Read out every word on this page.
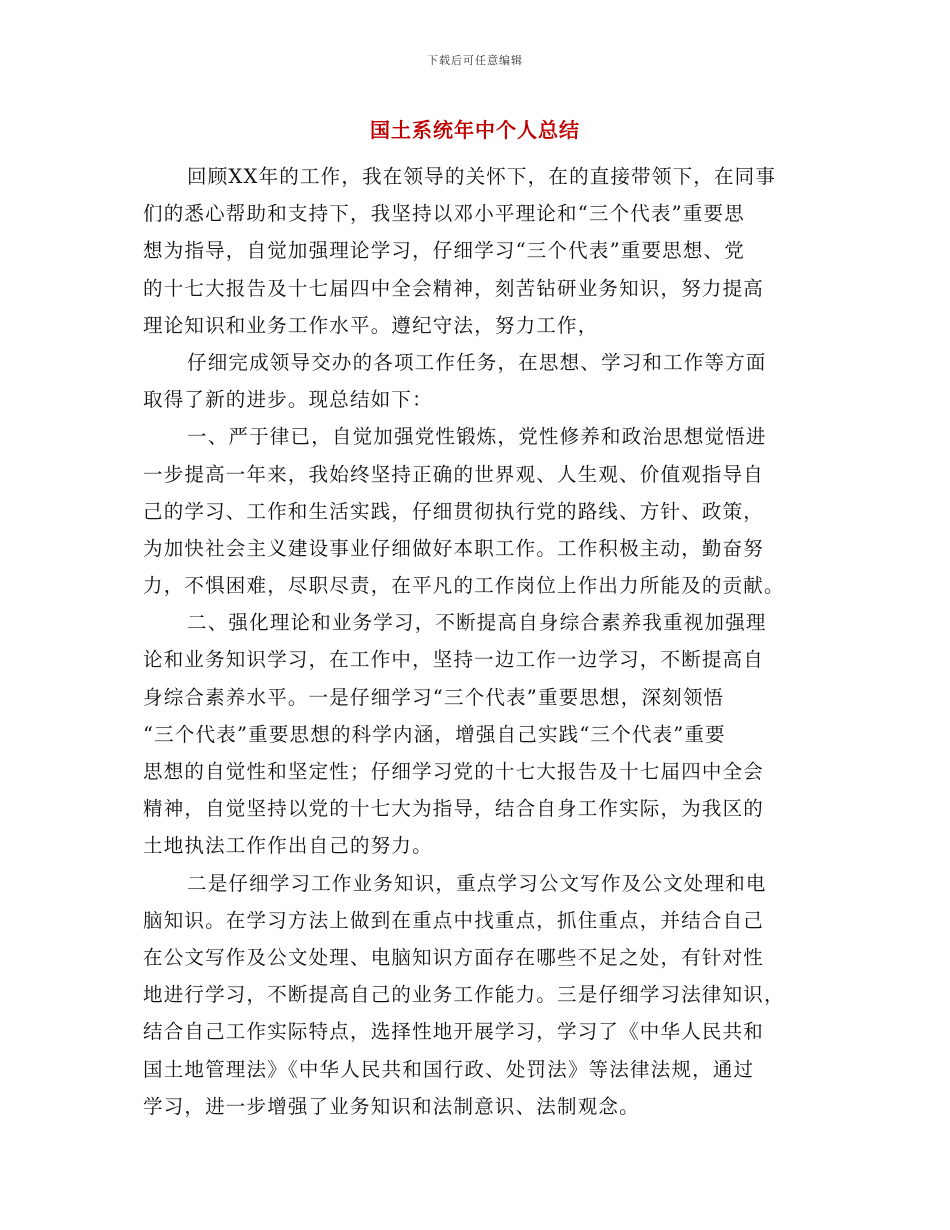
下载后可任意编辑
国土系统年中个人总结
回顾XX年的工作，我在领导的关怀下，在的直接带领下，在同事
们的悉心帮助和支持下，我坚持以邓小平理论和“三个代表”重要思
想为指导，自觉加强理论学习，仔细学习“三个代表”重要思想、党
的十七大报告及十七届四中全会精神，刻苦钻研业务知识，努力提高
理论知识和业务工作水平。遵纪守法，努力工作，
仔细完成领导交办的各项工作任务，在思想、学习和工作等方面
取得了新的进步。现总结如下：
一、严于律已，自觉加强党性锻炼，党性修养和政治思想觉悟进
一步提高一年来，我始终坚持正确的世界观、人生观、价值观指导自
己的学习、工作和生活实践，仔细贯彻执行党的路线、方针、政策，
为加快社会主义建设事业仔细做好本职工作。工作积极主动，勤奋努
力，不惧困难，尽职尽责，在平凡的工作岗位上作出力所能及的贡献。
二、强化理论和业务学习，不断提高自身综合素养我重视加强理
论和业务知识学习，在工作中，坚持一边工作一边学习，不断提高自
身综合素养水平。一是仔细学习“三个代表”重要思想，深刻领悟
“三个代表”重要思想的科学内涵，增强自己实践“三个代表”重要
思想的自觉性和坚定性；仔细学习党的十七大报告及十七届四中全会
精神，自觉坚持以党的十七大为指导，结合自身工作实际，为我区的
土地执法工作作出自己的努力。
二是仔细学习工作业务知识，重点学习公文写作及公文处理和电
脑知识。在学习方法上做到在重点中找重点，抓住重点，并结合自己
在公文写作及公文处理、电脑知识方面存在哪些不足之处，有针对性
地进行学习，不断提高自己的业务工作能力。三是仔细学习法律知识，
结合自己工作实际特点，选择性地开展学习，学习了《中华人民共和
国土地管理法》《中华人民共和国行政、处罚法》等法律法规，通过
学习，进一步增强了业务知识和法制意识、法制观念。
